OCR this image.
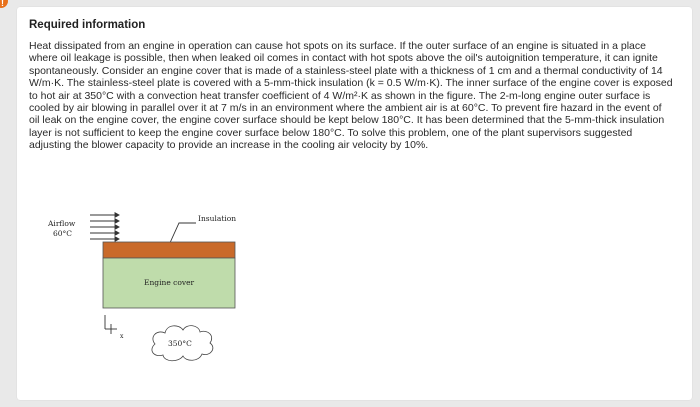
!
Required information

Heat dissipated from an engine in operation can cause hot spots on its surface. If the outer surface of an engine is situated in a place where oil leakage is possible, then when leaked oil comes in contact with hot spots above the oil's autoignition temperature, it can ignite spontaneously. Consider an engine cover that is made of a stainless-steel plate with a thickness of 1 cm and a thermal conductivity of 14 W/m·K. The stainless-steel plate is covered with a 5-mm-thick insulation (k = 0.5 W/m·K). The inner surface of the engine cover is exposed to hot air at 350°C with a convection heat transfer coefficient of 4 W/m²·K as shown in the figure. The 2-m-long engine outer surface is cooled by air blowing in parallel over it at 7 m/s in an environment where the ambient air is at 60°C. To prevent fire hazard in the event of oil leak on the engine cover, the engine cover surface should be kept below 180°C. It has been determined that the 5-mm-thick insulation layer is not sufficient to keep the engine cover surface below 180°C. To solve this problem, one of the plant supervisors suggested adjusting the blower capacity to provide an increase in the cooling air velocity by 10%.

Airflow
60°C
Insulation
Engine cover
x
350°C
